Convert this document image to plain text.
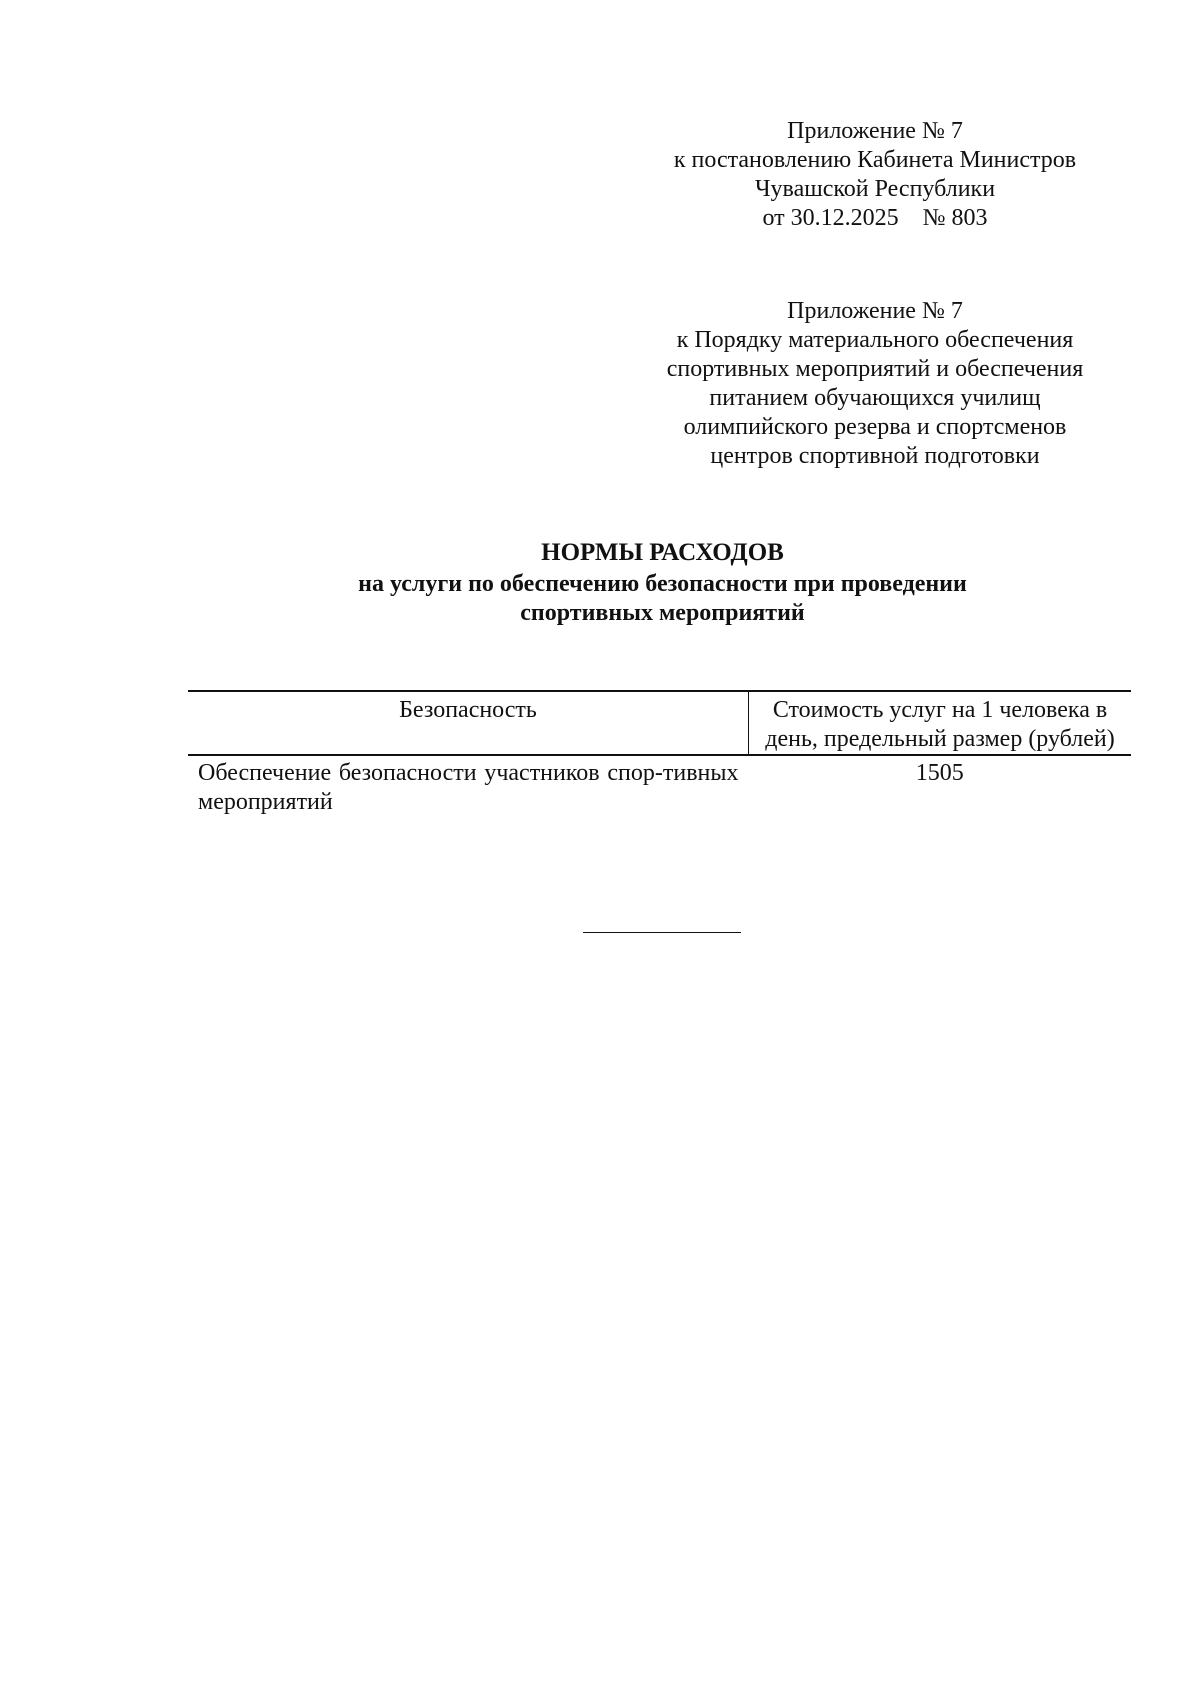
Приложение № 7
к постановлению Кабинета Министров
Чувашской Республики
от 30.12.2025    № 803
Приложение № 7
к Порядку материального обеспечения
спортивных мероприятий и обеспечения
питанием обучающихся училищ
олимпийского резерва и спортсменов
центров спортивной подготовки
НОРМЫ РАСХОДОВ
на услуги по обеспечению безопасности при проведении
спортивных мероприятий
Безопасность	Стоимость услуг на 1 человека в день, предельный размер (рублей)
Обеспечение безопасности участников спор-тивных мероприятий	1505
